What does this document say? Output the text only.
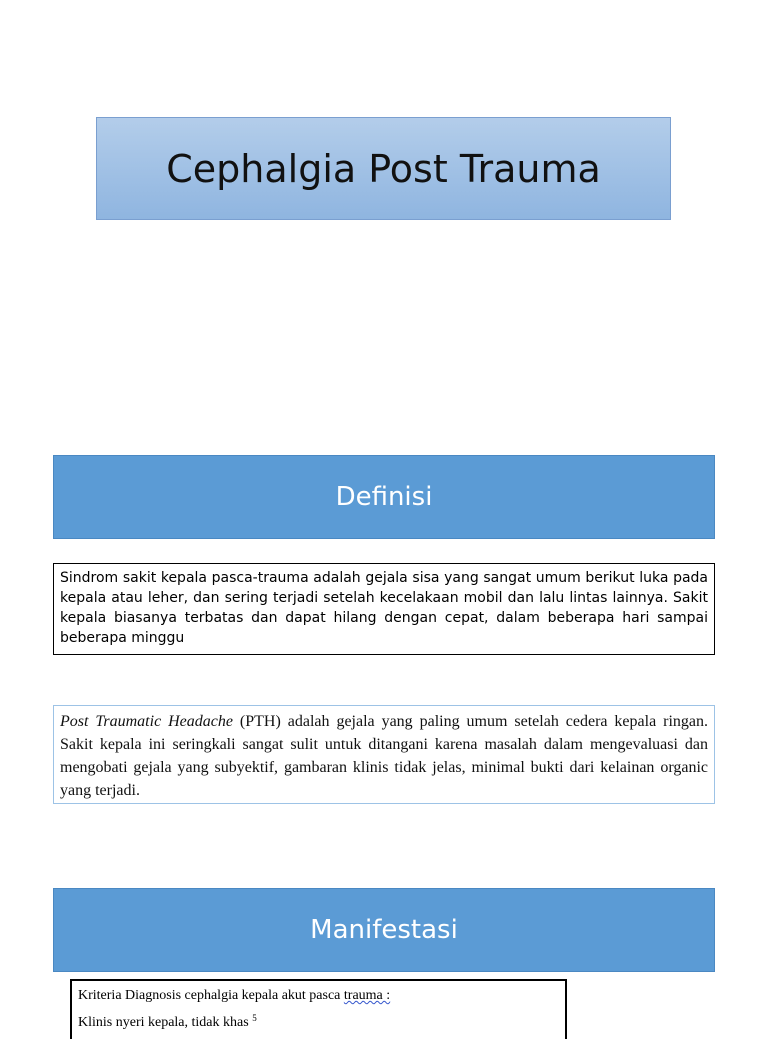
Cephalgia Post Trauma
Definisi
Sindrom sakit kepala pasca-trauma adalah gejala sisa yang sangat umum berikut luka pada kepala atau leher, dan sering terjadi setelah kecelakaan mobil dan lalu lintas lainnya. Sakit kepala biasanya terbatas dan dapat hilang dengan cepat, dalam beberapa hari sampai beberapa minggu
Post Traumatic Headache (PTH) adalah gejala yang paling umum setelah cedera kepala ringan. Sakit kepala ini seringkali sangat sulit untuk ditangani karena masalah dalam mengevaluasi dan mengobati gejala yang subyektif, gambaran klinis tidak jelas, minimal bukti dari kelainan organic yang terjadi.
Manifestasi
Kriteria Diagnosis cephalgia kepala akut pasca trauma :
Klinis nyeri kepala, tidak khas $^5$
